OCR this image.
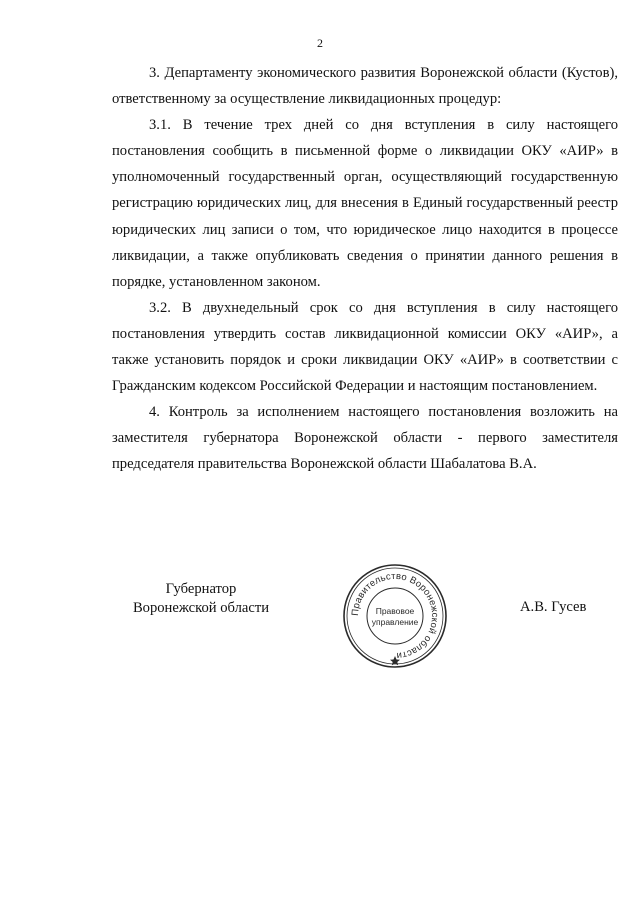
2

3. Департаменту экономического развития Воронежской области (Кустов), ответственному за осуществление ликвидационных процедур:

3.1. В течение трех дней со дня вступления в силу настоящего постановления сообщить в письменной форме о ликвидации ОКУ «АИР» в уполномоченный государственный орган, осуществляющий государственную регистрацию юридических лиц, для внесения в Единый государственный реестр юридических лиц записи о том, что юридическое лицо находится в процессе ликвидации, а также опубликовать сведения о принятии данного решения в порядке, установленном законом.

3.2. В двухнедельный срок со дня вступления в силу настоящего постановления утвердить состав ликвидационной комиссии ОКУ «АИР», а также установить порядок и сроки ликвидации ОКУ «АИР» в соответствии с Гражданским кодексом Российской Федерации и настоящим постановлением.

4. Контроль за исполнением настоящего постановления возложить на заместителя губернатора Воронежской области - первого заместителя председателя правительства Воронежской области Шабалатова В.А.

Губернатор
Воронежской области	Правительство Воронежской области
Правовое
управление
А.В. Гусев
